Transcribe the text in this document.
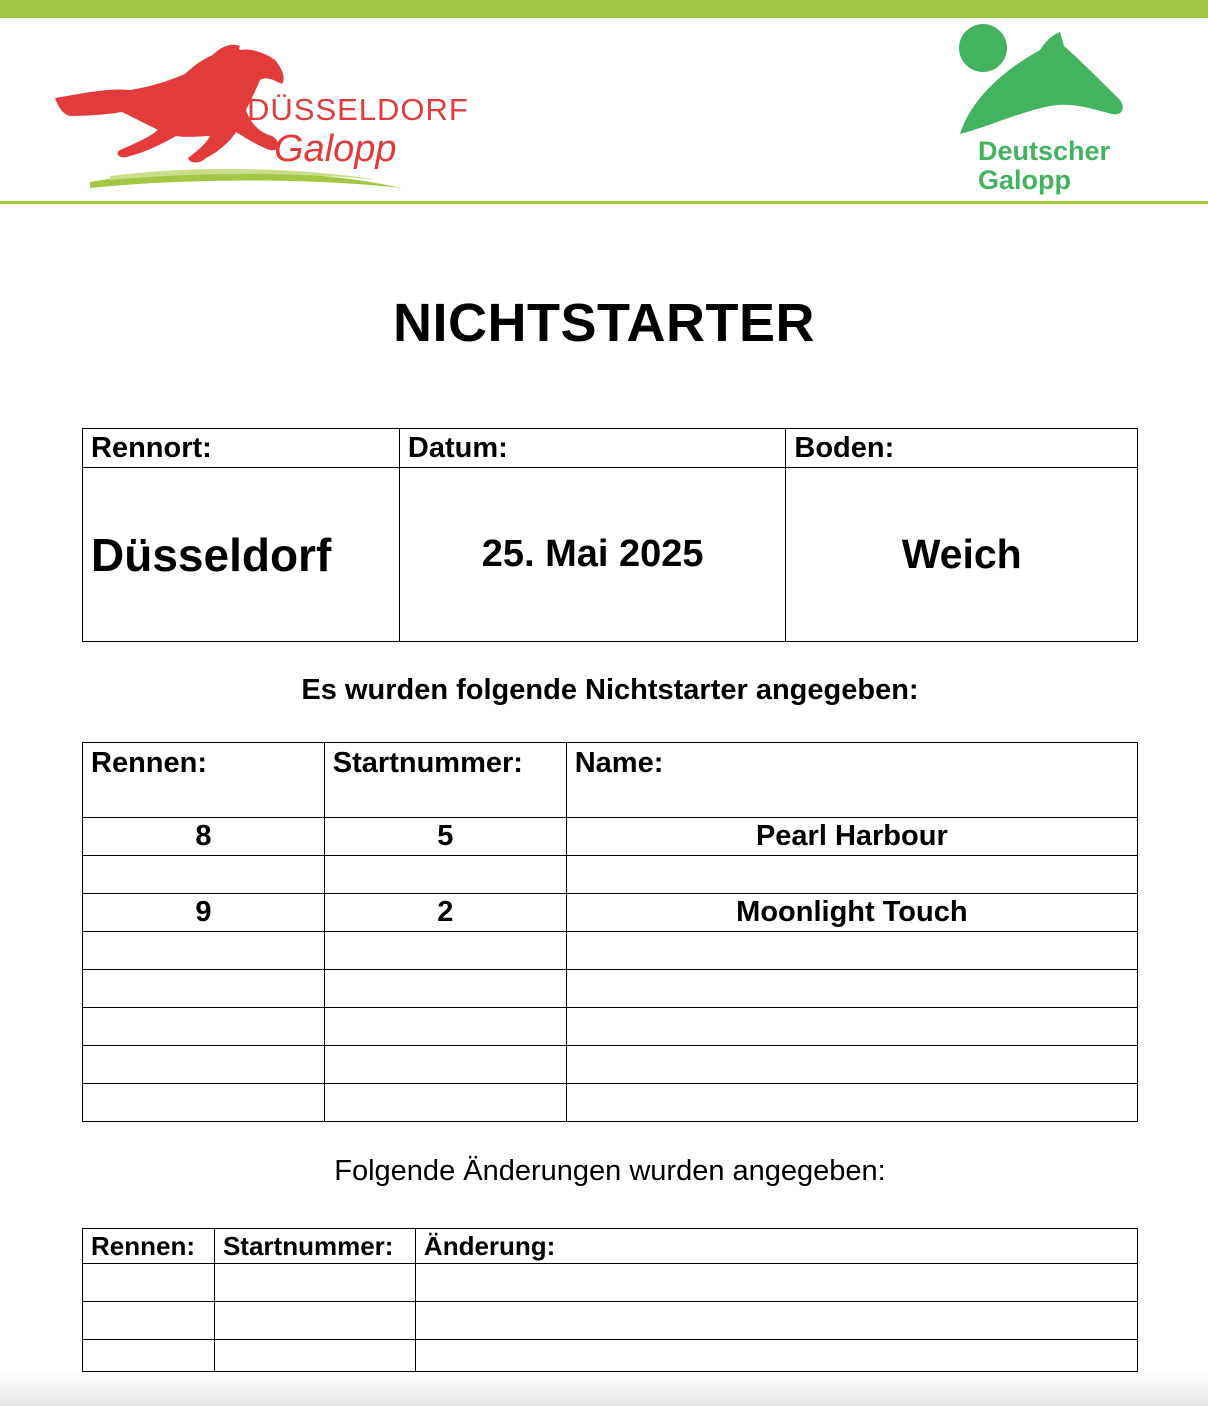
DÜSSELDORF
Galopp	Deutscher
Galopp
NICHTSTARTER
Rennort:	Datum:	Boden:
Düsseldorf	25. Mai 2025	Weich
Es wurden folgende Nichtstarter angegeben:
Rennen:	Startnummer:	Name:
8	5	Pearl Harbour

9	2	Moonlight Touch

Folgende Änderungen wurden angegeben:
Rennen:	Startnummer:	Änderung:
